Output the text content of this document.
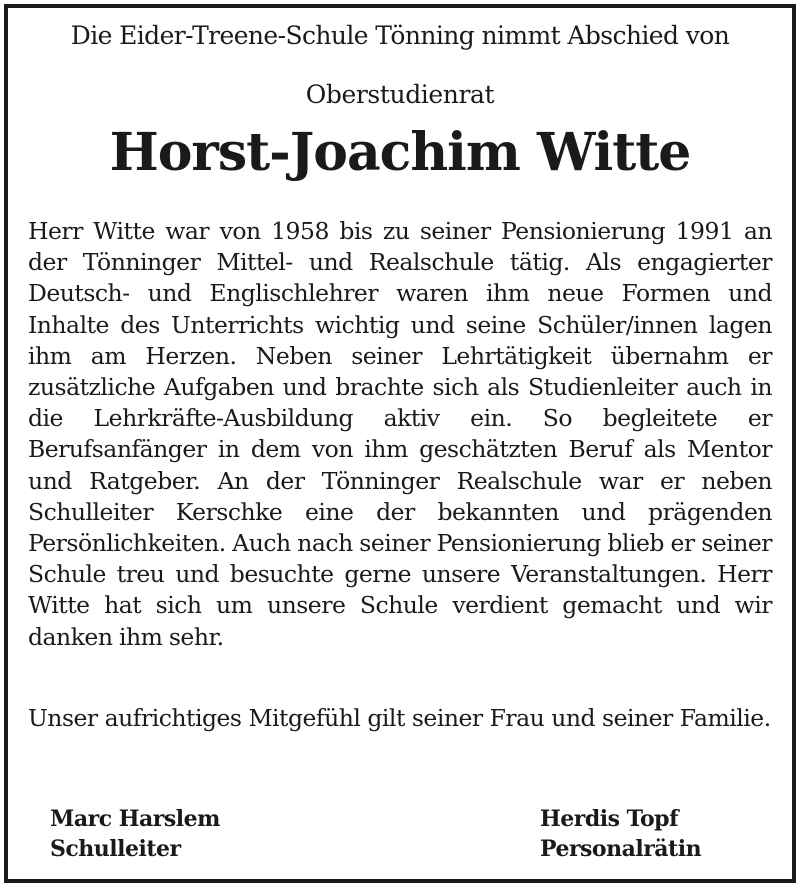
Die Eider-Treene-Schule Tönning nimmt Abschied von
Oberstudienrat
Horst-Joachim Witte
Herr Witte war von 1958 bis zu seiner Pensionierung 1991 an der Tönninger Mittel- und Realschule tätig. Als engagierter Deutsch- und Englischlehrer waren ihm neue Formen und Inhalte des Unterrichts wichtig und seine Schüler/innen lagen ihm am Herzen. Neben seiner Lehrtätigkeit übernahm er zusätzliche Aufgaben und brachte sich als Studienleiter auch in die Lehrkräfte-Ausbildung aktiv ein. So begleitete er Berufsanfänger in dem von ihm geschätzten Beruf als Mentor und Ratgeber. An der Tönninger Realschule war er neben Schulleiter Kerschke eine der bekannten und prägenden Persönlichkeiten. Auch nach seiner Pensionierung blieb er seiner Schule treu und besuchte gerne unsere Veranstaltungen. Herr Witte hat sich um unsere Schule verdient gemacht und wir danken ihm sehr.
Unser aufrichtiges Mitgefühl gilt seiner Frau und seiner Familie.
Marc Harslem
Schulleiter
Herdis Topf
Personalrätin
